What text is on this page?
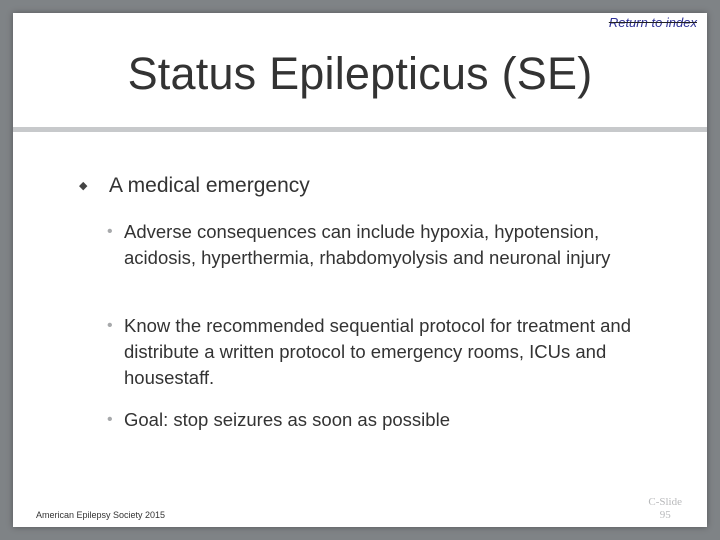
Return to index
Status Epilepticus (SE)
◆	A medical emergency
• Adverse consequences can include hypoxia, hypotension, acidosis, hyperthermia, rhabdomyolysis and neuronal injury
• Know the recommended sequential protocol for treatment and distribute a written protocol to emergency rooms, ICUs and housestaff.
• Goal: stop seizures as soon as possible
American Epilepsy Society 2015
C-Slide
95
